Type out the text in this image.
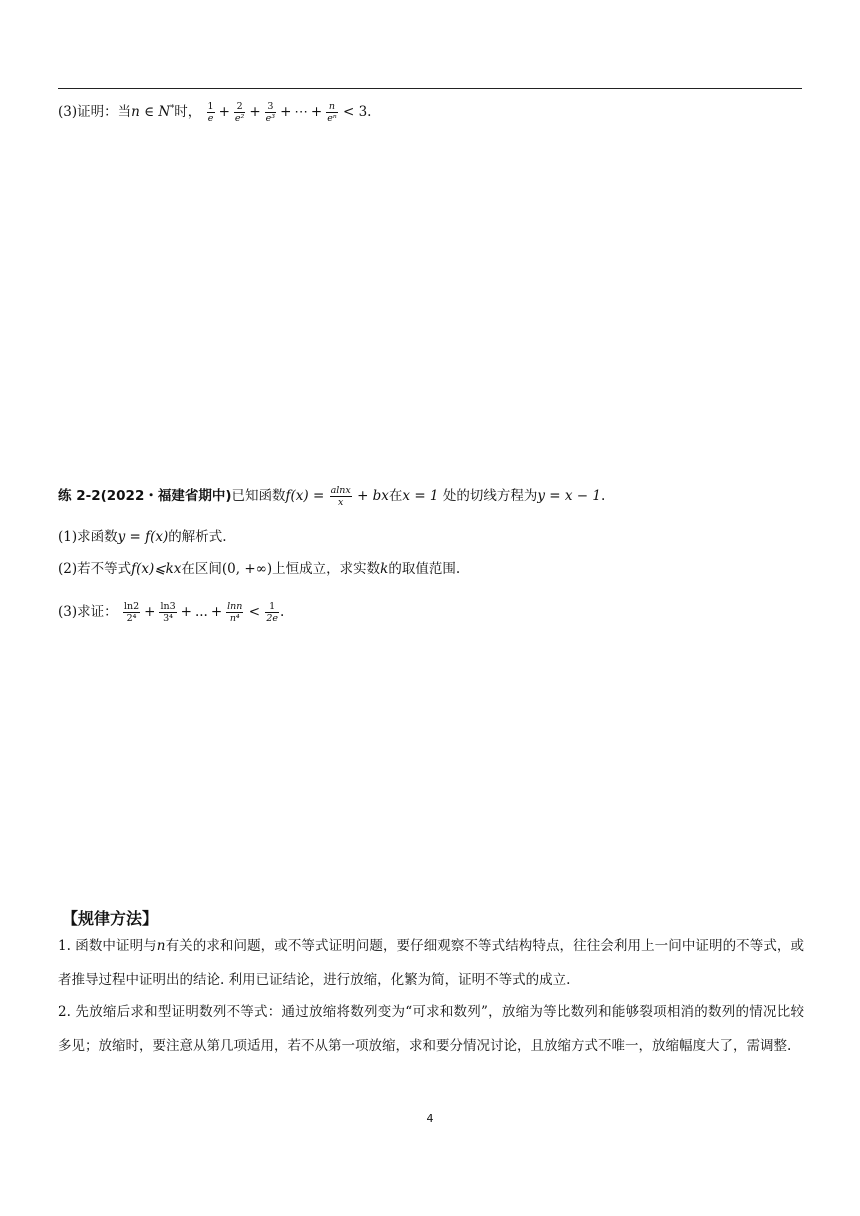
(3)证明：当n ∈ N*时， $\frac{1}{e} + \frac{2}{\text{e²}} + \frac{3}{\text{e³}}$ + ⋯ + $\frac{n}{\text{eⁿ}} < 3$.
练 2-2(2022・福建省期中)已知函数$f(x) = \frac{alnx}{x}$ + bx在x = 1 处的切线方程为y = x − 1.
(1)求函数y = f(x)的解析式.
(2)若不等式f(x)⩽kx在区间(0, +∞)上恒成立，求实数k的取值范围.
(3)求证： $\frac{\ln 2}{\text{2⁴}} + \frac{\ln 3}{\text{3⁴}}$ + ... + $\frac{\ln n}{\text{n⁴}} < \frac{1}{2e}$ .
【规律方法】
1. 函数中证明与n有关的求和问题，或不等式证明问题，要仔细观察不等式结构特点，往往会利用上一问中证明的不等式，或者推导过程中证明出的结论. 利用已证结论，进行放缩，化繁为简，证明不等式的成立.
2. 先放缩后求和型证明数列不等式：通过放缩将数列变为“可求和数列”，放缩为等比数列和能够裂项相消的数列的情况比较多见；放缩时，要注意从第几项适用，若不从第一项放缩，求和要分情况讨论，且放缩方式不唯一，放缩幅度大了，需调整.
4
